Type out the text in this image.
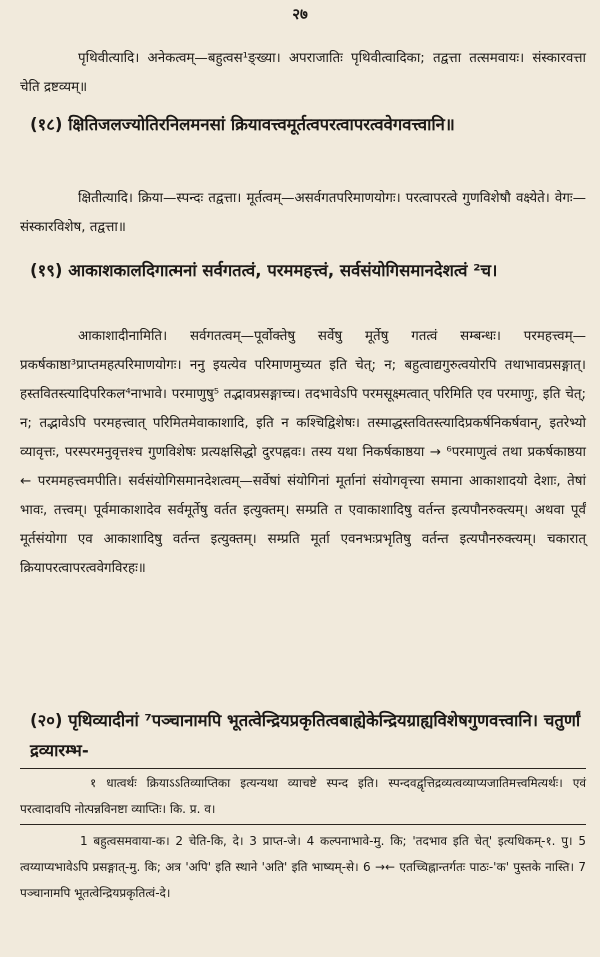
२७

पृथिवीत्यादि। अनेकत्वम्—बहुत्वस¹ङ्ख्या। अपराजातिः पृथिवीत्वादिका; तद्वत्ता तत्समवायः। संस्कारवत्ता चेति द्रष्टव्यम्॥

(१८) क्षितिजलज्योतिरनिलमनसां क्रियावत्त्वमूर्तत्वपरत्वापरत्ववेगवत्त्वानि॥

क्षितीत्यादि। क्रिया—स्पन्दः तद्वत्ता। मूर्तत्वम्—असर्वगतपरिमाणयोगः। परत्वापरत्वे गुणविशेषौ वक्ष्येते। वेगः—संस्कारविशेष, तद्वत्ता॥

(१९) आकाशकालदिगात्मनां सर्वगतत्वं, परममहत्त्वं, सर्वसंयोगिसमानदेशत्वं ²च।

आकाशादीनामिति। सर्वगतत्वम्—पूर्वोक्तेषु सर्वेषु मूर्तेषु गतत्वं सम्बन्धः। परमहत्त्वम्—प्रकर्षकाष्ठा³प्राप्तमहत्परिमाणयोगः। ननु इयत्येव परिमाणमुच्यत इति चेत्; न; बहुत्वाद्यगुरुत्वयोरपि तथाभावप्रसङ्गात्। हस्तवितस्त्यादिपरिकल⁴नाभावे। परमाणुषु⁵ तद्भावप्रसङ्गाच्च। तदभावेऽपि परमसूक्ष्मत्वात् परिमिति एव परमाणुः, इति चेत्; न; तद्भावेऽपि परमहत्त्वात् परिमितमेवाकाशादि, इति न कश्चिद्विशेषः। तस्माद्धस्तवितस्त्यादिप्रकर्षनिकर्षवान्, इतरेभ्यो व्यावृत्तः, परस्परमनुवृत्तश्च गुणविशेषः प्रत्यक्षसिद्धो दुरपह्नवः। तस्य यथा निकर्षकाष्ठया → ⁶परमाणुत्वं तथा प्रकर्षकाष्ठया ← परममहत्त्वमपीति। सर्वसंयोगिसमानदेशत्वम्—सर्वेषां संयोगिनां मूर्तानां संयोगवृत्त्या समाना आकाशादयो देशाः, तेषां भावः, तत्त्वम्। पूर्वमाकाशादेव सर्वमूर्तेषु वर्तत इत्युक्तम्। सम्प्रति त एवाकाशादिषु वर्तन्त इत्यपौनरुक्त्यम्। अथवा पूर्वं मूर्तसंयोगा एव आकाशादिषु वर्तन्त इत्युक्तम्। सम्प्रति मूर्ता एवनभःप्रभृतिषु वर्तन्त इत्यपौनरुक्त्यम्। चकारात् क्रियापरत्वापरत्ववेगविरहः॥

(२०) पृथिव्यादीनां ⁷पञ्चानामपि भूतत्वेन्द्रियप्रकृतित्वबाह्येकेन्द्रियग्राह्यविशेषगुणवत्त्वानि। चतुर्णां द्रव्यारम्भ-

१ धात्वर्थः क्रियाऽऽतिव्याप्तिका इत्यन्यथा व्याचष्टे स्पन्द इति। स्पन्दवद्वृत्तिद्रव्यत्वव्याप्यजातिमत्त्वमित्यर्थः। एवं परत्वादावपि नोत्पन्नविनष्टा व्याप्तिः। कि. प्र. व।

1 बहुत्वसमवाया-क। 2 चेति-कि, दे। 3 प्राप्त-जे। 4 कल्पनाभावे-मु. कि; 'तदभाव इति चेत्' इत्यधिकम्-१. पु। 5 त्वय्याप्यभावेऽपि प्रसङ्गात्-मु. कि; अत्र 'अपि' इति स्थाने 'अति' इति भाष्यम्-से। 6 →← एतच्चिह्नान्तर्गतः पाठः-'क' पुस्तके नास्ति। 7 पञ्चानामपि भूतत्वेन्द्रियप्रकृतित्वं-दे।
